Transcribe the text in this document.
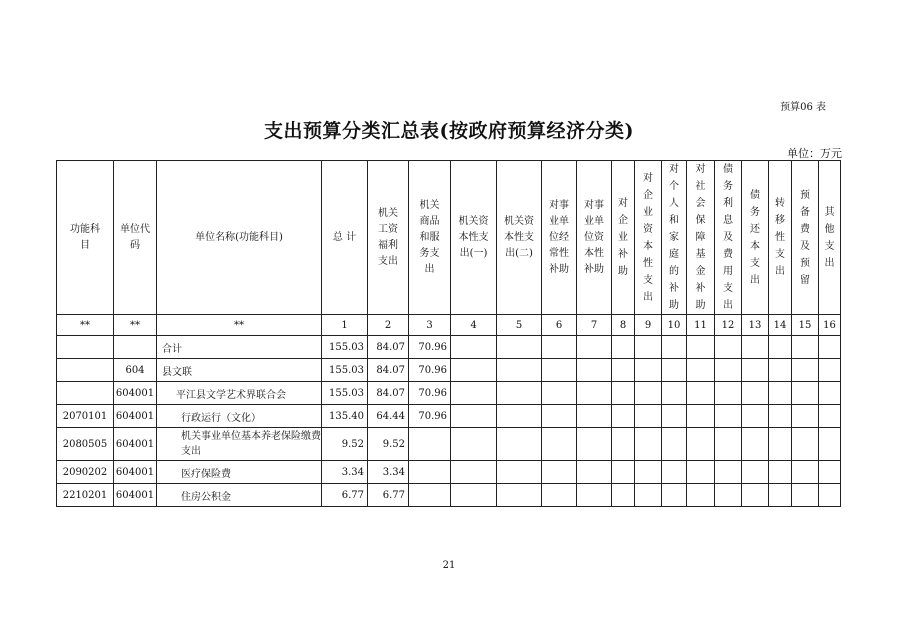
预算06 表
支出预算分类汇总表(按政府预算经济分类)
单位：万元
功能科目	单位代码	单位名称(功能科目)	总 计	机关工资福利支出	机关商品和服务支出	机关资本性支出(一)	机关资本性支出(二)	对事业单位经常性补助	对事业单位资本性补助	对企业补助	对企业资本性支出	对个人和家庭的补助	对社会保障基金补助	债务利息及费用支出	债务还本支出	转移性支出	预备费及预留	其他支出
**	**	**	1	2	3	4	5	6	7	8	9	10	11	12	13	14	15	16
		合计	155.03	84.07	70.96													
	604	县文联	155.03	84.07	70.96													
	604001	平江县文学艺术界联合会	155.03	84.07	70.96													
2070101	604001	行政运行（文化）	135.40	64.44	70.96													
2080505	604001	机关事业单位基本养老保险缴费支出	9.52	9.52														
2090202	604001	医疗保险费	3.34	3.34														
2210201	604001	住房公积金	6.77	6.77														
21
